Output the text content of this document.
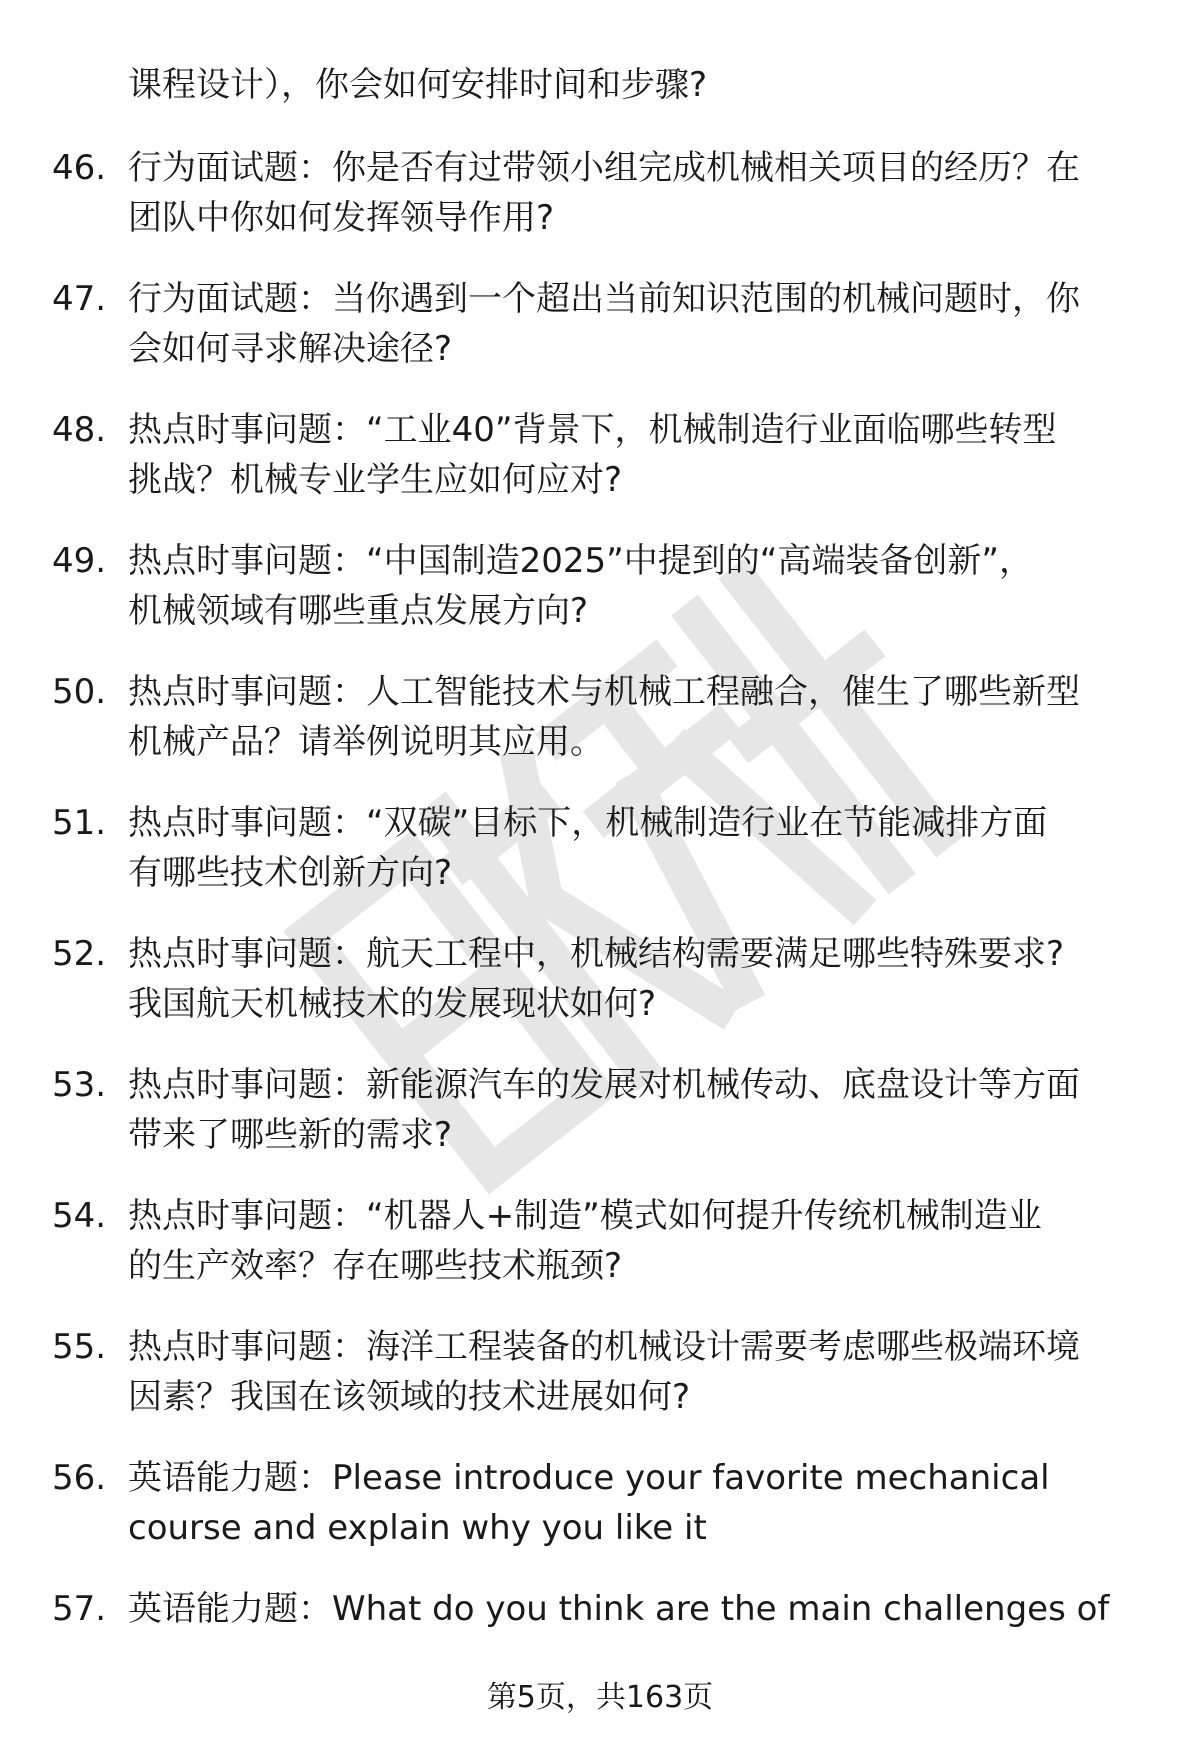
课程设计），你会如何安排时间和步骤?
46. 行为面试题：你是否有过带领小组完成机械相关项目的经历？在
团队中你如何发挥领导作用?
47. 行为面试题：当你遇到一个超出当前知识范围的机械问题时，你
会如何寻求解决途径?
48. 热点时事问题：“工业40”背景下，机械制造行业面临哪些转型
挑战？机械专业学生应如何应对?
49. 热点时事问题：“中国制造2025”中提到的“高端装备创新”，
机械领域有哪些重点发展方向?
50. 热点时事问题：人工智能技术与机械工程融合，催生了哪些新型
机械产品？请举例说明其应用。
51. 热点时事问题：“双碳”目标下，机械制造行业在节能减排方面
有哪些技术创新方向?
52. 热点时事问题：航天工程中，机械结构需要满足哪些特殊要求?
我国航天机械技术的发展现状如何?
53. 热点时事问题：新能源汽车的发展对机械传动、底盘设计等方面
带来了哪些新的需求?
54. 热点时事问题：“机器人+制造”模式如何提升传统机械制造业
的生产效率？存在哪些技术瓶颈?
55. 热点时事问题：海洋工程装备的机械设计需要考虑哪些极端环境
因素？我国在该领域的技术进展如何?
56. 英语能力题：Please introduce your favorite mechanical
course and explain why you like it
57. 英语能力题：What do you think are the main challenges of
第5页，共163页
